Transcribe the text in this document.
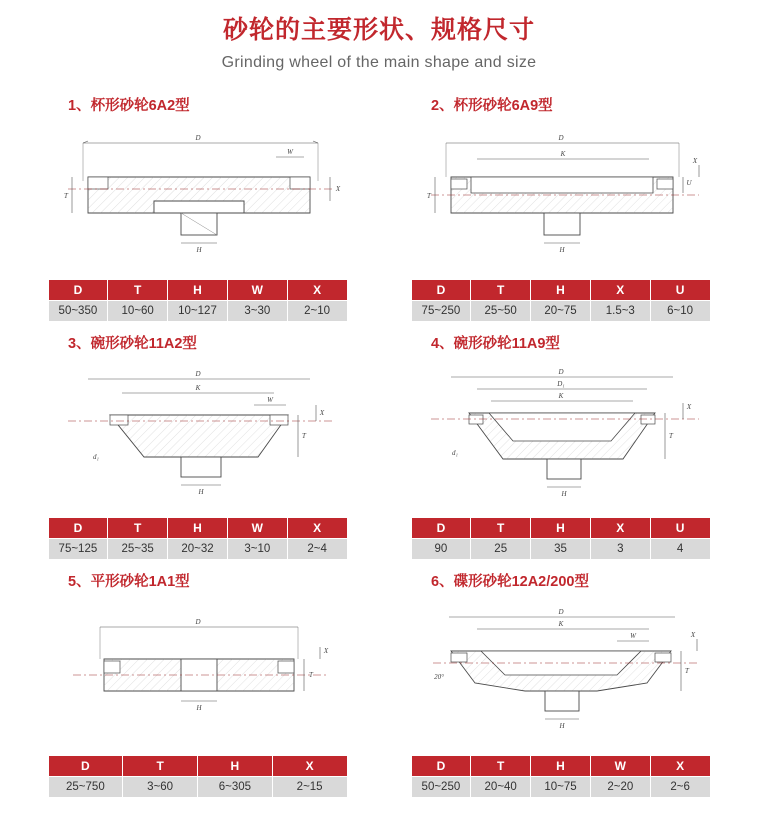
砂轮的主要形状、规格尺寸
Grinding wheel of the main shape and size
1、杯形砂轮6A2型
D
W
H
T
X
D	T	H	W	X
50~350	10~60	10~127	3~30	2~10
2、杯形砂轮6A9型
D
K
H
U
X
T
D	T	H	X	U
75~250	25~50	20~75	1.5~3	6~10
3、碗形砂轮11A2型
D
K
W
H
T
X
d₁
D	T	H	W	X
75~125	25~35	20~32	3~10	2~4
4、碗形砂轮11A9型
D
D₁
K
H
T
X
d₁
D	T	H	X	U
90	25	35	3	4
5、平形砂轮1A1型
D
H
T
X
D	T	H	X
25~750	3~60	6~305	2~15
6、碟形砂轮12A2/200型
D
K
W
H
T
X
20°
D	T	H	W	X
50~250	20~40	10~75	2~20	2~6
